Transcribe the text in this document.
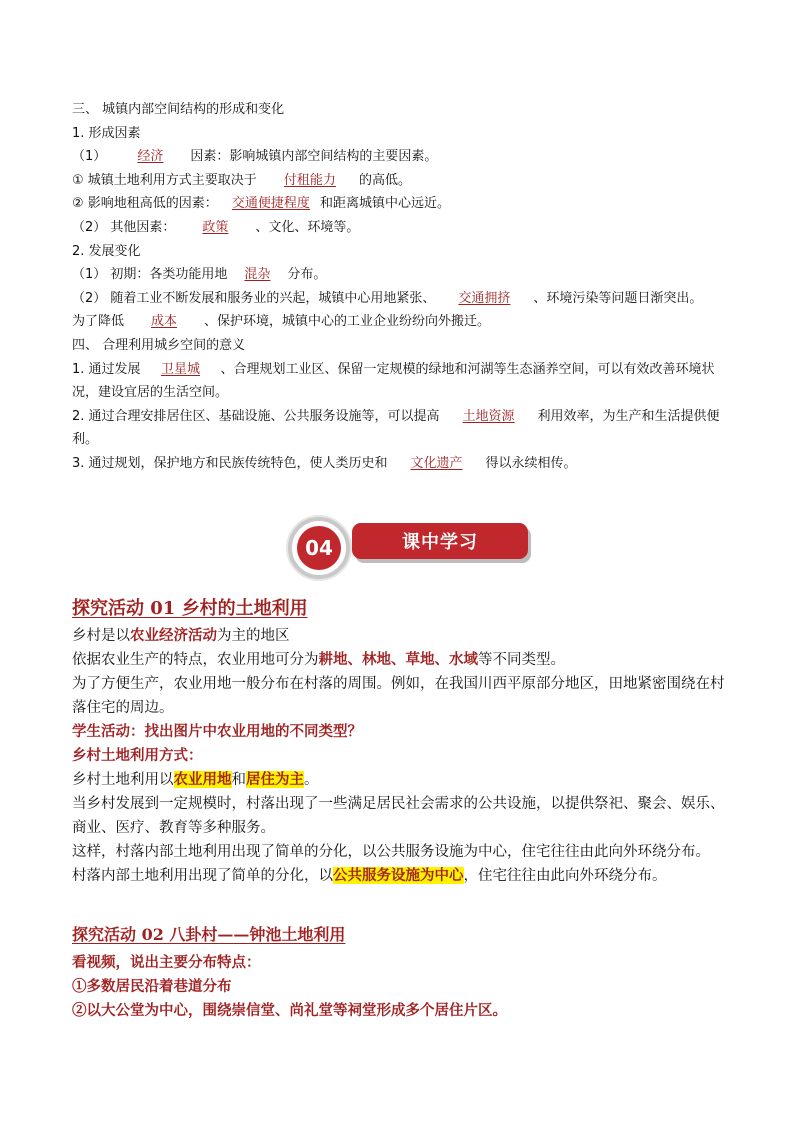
三、 城镇内部空间结构的形成和变化
1. 形成因素
（1） 经济 因素：影响城镇内部空间结构的主要因素。
① 城镇土地利用方式主要取决于 付租能力 的高低。
② 影响地租高低的因素： 交通便捷程度 和距离城镇中心远近。
（2） 其他因素： 政策 、文化、环境等。
2. 发展变化
（1） 初期：各类功能用地 混杂 分布。
（2） 随着工业不断发展和服务业的兴起，城镇中心用地紧张、 交通拥挤 、环境污染等问题日渐突出。
为了降低 成本 、保护环境，城镇中心的工业企业纷纷向外搬迁。
四、 合理利用城乡空间的意义
1. 通过发展 卫星城 、合理规划工业区、保留一定规模的绿地和河湖等生态涵养空间，可以有效改善环境状况，建设宜居的生活空间。
2. 通过合理安排居住区、基础设施、公共服务设施等，可以提高 土地资源 利用效率，为生产和生活提供便利。
3. 通过规划，保护地方和民族传统特色，使人类历史和 文化遗产 得以永续相传。
04	课中学习
探究活动 01 乡村的土地利用
乡村是以农业经济活动为主的地区
依据农业生产的特点，农业用地可分为耕地、林地、草地、水域等不同类型。
为了方便生产，农业用地一般分布在村落的周围。例如，在我国川西平原部分地区，田地紧密围绕在村落住宅的周边。
学生活动：找出图片中农业用地的不同类型？
乡村土地利用方式：
乡村土地利用以农业用地和居住为主。
当乡村发展到一定规模时，村落出现了一些满足居民社会需求的公共设施，以提供祭祀、聚会、娱乐、商业、医疗、教育等多种服务。
这样，村落内部土地利用出现了简单的分化，以公共服务设施为中心，住宅往往由此向外环绕分布。
村落内部土地利用出现了简单的分化，以公共服务设施为中心，住宅往往由此向外环绕分布。
探究活动 02 八卦村——钟池土地利用
看视频，说出主要分布特点：
①多数居民沿着巷道分布
②以大公堂为中心，围绕崇信堂、尚礼堂等祠堂形成多个居住片区。
